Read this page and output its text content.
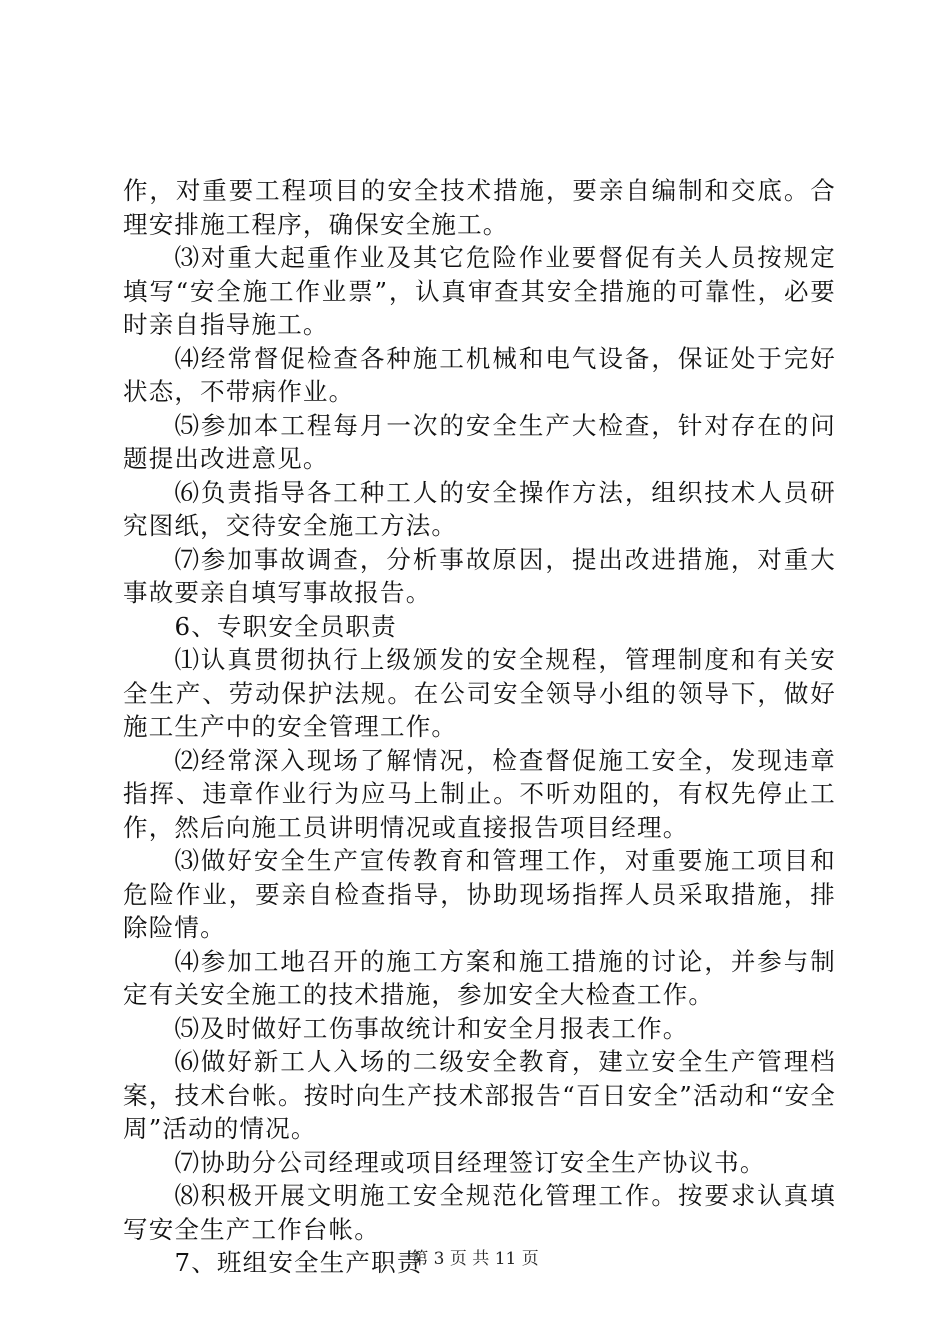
作，对重要工程项目的安全技术措施，要亲自编制和交底。合理安排施工程序，确保安全施工。

⑶对重大起重作业及其它危险作业要督促有关人员按规定填写“安全施工作业票”，认真审查其安全措施的可靠性，必要时亲自指导施工。

⑷经常督促检查各种施工机械和电气设备，保证处于完好状态，不带病作业。

⑸参加本工程每月一次的安全生产大检查，针对存在的问题提出改进意见。

⑹负责指导各工种工人的安全操作方法，组织技术人员研究图纸，交待安全施工方法。

⑺参加事故调查，分析事故原因，提出改进措施，对重大事故要亲自填写事故报告。

6、专职安全员职责

⑴认真贯彻执行上级颁发的安全规程，管理制度和有关安全生产、劳动保护法规。在公司安全领导小组的领导下，做好施工生产中的安全管理工作。

⑵经常深入现场了解情况，检查督促施工安全，发现违章指挥、违章作业行为应马上制止。不听劝阻的，有权先停止工作，然后向施工员讲明情况或直接报告项目经理。

⑶做好安全生产宣传教育和管理工作，对重要施工项目和危险作业，要亲自检查指导，协助现场指挥人员采取措施，排除险情。

⑷参加工地召开的施工方案和施工措施的讨论，并参与制定有关安全施工的技术措施，参加安全大检查工作。

⑸及时做好工伤事故统计和安全月报表工作。

⑹做好新工人入场的二级安全教育，建立安全生产管理档案，技术台帐。按时向生产技术部报告“百日安全”活动和“安全周”活动的情况。

⑺协助分公司经理或项目经理签订安全生产协议书。

⑻积极开展文明施工安全规范化管理工作。按要求认真填写安全生产工作台帐。

7、班组安全生产职责

第 3 页 共 11 页
